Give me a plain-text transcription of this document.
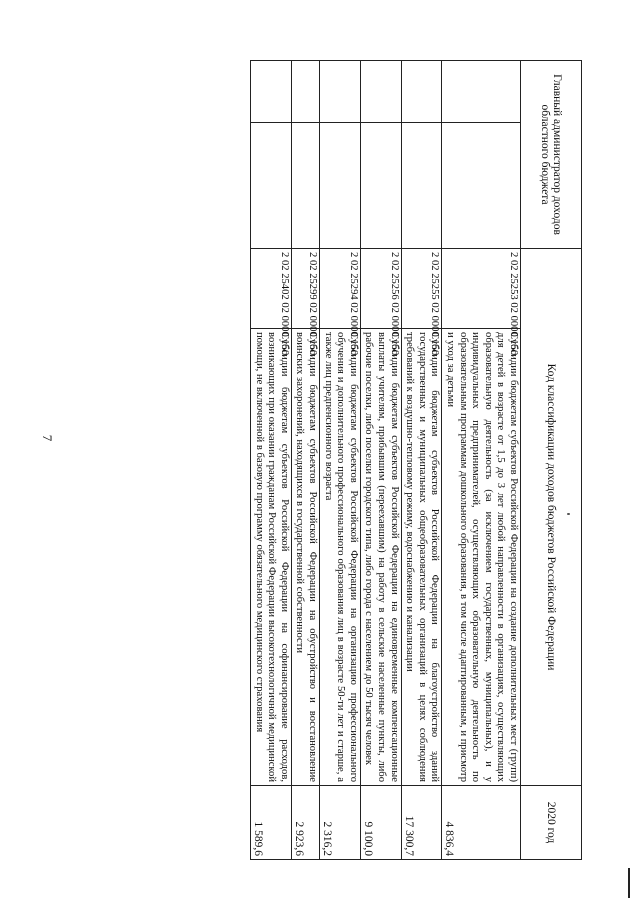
7
Главный администратор доходов областного бюджета		Код классификации доходов бюджетов Российской Федерации		2020 год
		2 02 25253 02 0000 150	Субсидии бюджетам субъектов Российской Федерации на создание дополнительных мест (групп) для детей в возрасте от 1,5 до 3 лет любой направленности в организациях, осуществляющих образовательную деятельность (за исключением государственных, муниципальных), и у индивидуальных предпринимателей, осуществляющих образовательную деятельность по образовательным программам дошкольного образования, в том числе адаптированным, и присмотр и уход за детьми	4 836,4
		2 02 25255 02 0000 150	Субсидии бюджетам субъектов Российской Федерации на благоустройство зданий государственных и муниципальных общеобразовательных организаций в целях соблюдения требований к воздушно-тепловому режиму, водоснабжению и канализации	17 300,7
		2 02 25256 02 0000 150	Субсидии бюджетам субъектов Российской Федерации на единовременные компенсационные выплаты учителям, прибывшим (переехавшим) на работу в сельские населенные пункты, либо рабочие поселки, либо поселки городского типа, либо города с населением до 50 тысяч человек	9 100,0
		2 02 25294 02 0000 150	Субсидии бюджетам субъектов Российской Федерации на организацию профессионального обучения и дополнительного профессионального образования лиц в возрасте 50-ти лет и старше, а также лиц предпенсионного возраста	2 316,2
		2 02 25299 02 0000 150	Субсидии бюджетам субъектов Российской Федерации на обустройство и восстановление воинских захоронений, находящихся в государственной собственности	2 923,6
		2 02 25402 02 0000 150	Субсидии бюджетам субъектов Российской Федерации на софинансирование расходов, возникающих при оказании гражданам Российской Федерации высокотехнологичной медицинской помощи, не включенной в базовую программу обязательного медицинского страхования	1 589,6
